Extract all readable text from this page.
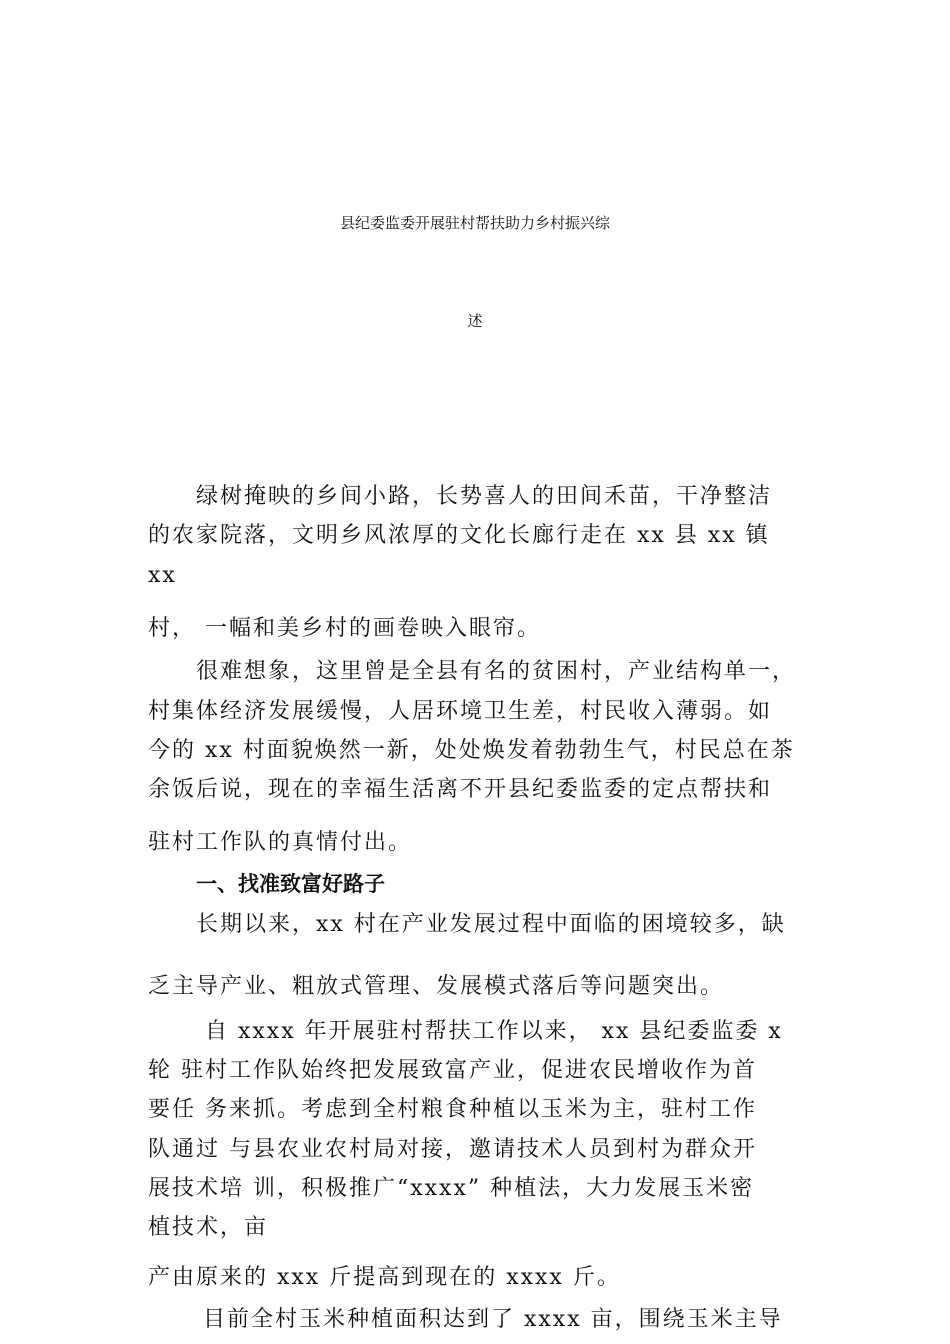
县纪委监委开展驻村帮扶助力乡村振兴综
述
绿树掩映的乡间小路，长势喜人的田间禾苗，干净整洁
的农家院落，文明乡风浓厚的文化长廊行走在 xx 县 xx 镇
xx
村， 一幅和美乡村的画卷映入眼帘。
很难想象，这里曾是全县有名的贫困村，产业结构单一，
村集体经济发展缓慢，人居环境卫生差，村民收入薄弱。如
今的 xx 村面貌焕然一新，处处焕发着勃勃生气，村民总在茶
余饭后说，现在的幸福生活离不开县纪委监委的定点帮扶和
驻村工作队的真情付出。
一、找准致富好路子
长期以来，xx 村在产业发展过程中面临的困境较多，缺
乏主导产业、粗放式管理、发展模式落后等问题突出。
自 xxxx 年开展驻村帮扶工作以来， xx 县纪委监委 x
轮 驻村工作队始终把发展致富产业，促进农民增收作为首
要任 务来抓。考虑到全村粮食种植以玉米为主，驻村工作
队通过 与县农业农村局对接，邀请技术人员到村为群众开
展技术培 训，积极推广“xxxx” 种植法，大力发展玉米密
植技术，亩
产由原来的 xxx 斤提高到现在的 xxxx 斤。
目前全村玉米种植面积达到了 xxxx 亩，围绕玉米主导
